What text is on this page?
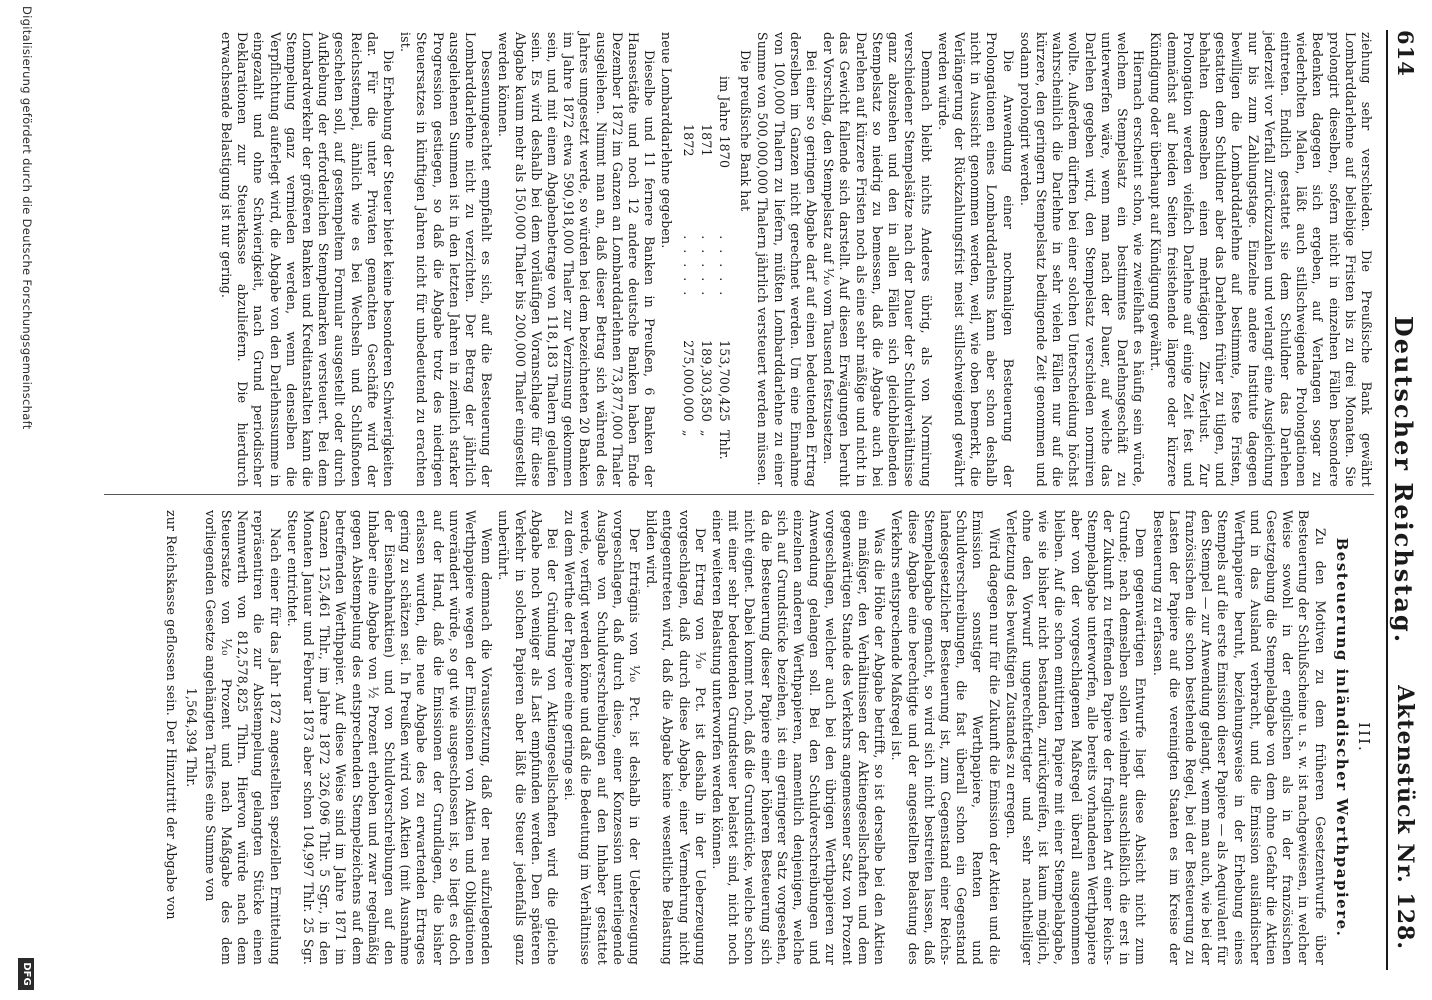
614
Deutscher Reichstag.
Aktenstück Nr. 128.

ziehung sehr verschieden. Die Preußische Bank gewährt Lombarddarlehne auf beliebige Fristen bis zu drei Monaten. Sie prolongirt dieselben, sofern nicht in einzelnen Fällen besondere Bedenken dagegen sich ergeben, auf Verlangen sogar zu wiederholten Malen, läßt auch stillschweigende Prolongationen eintreten. Endlich gestattet sie dem Schuldner das Darlehen jederzeit vor Verfall zurückzuzahlen und verlangt eine Ausgleichung nur bis zum Zahlungstage. Einzelne andere Institute dagegen bewilligen die Lombarddarlehne auf bestimmte, feste Fristen, gestatten dem Schuldner aber das Darlehen früher zu tilgen, und behalten demselben einen mehrtägigen Zins-Verlust. Zur Prolongation werden vielfach Darlehne auf einige Zeit fest und demnächst auf beiden Seiten freistehende längere oder kürzere Kündigung oder überhaupt auf Kündigung gewährt.

Hiernach erscheint schon, wie zweifelhaft es häufig sein würde, welchem Stempelsatz ein bestimmtes Darlehnsgeschäft zu unterwerfen wäre, wenn man nach der Dauer, auf welche das Darlehen gegeben wird, den Stempelsatz verschieden normiren wollte. Außerdem dürften bei einer solchen Unterscheidung höchst wahrscheinlich die Darlehne in sehr vielen Fällen nur auf die kürzere, den geringern Stempelsatz bedingende Zeit genommen und sodann prolongirt werden.

Die Anwendung einer nochmaligen Besteuerung der Prolongationen eines Lombarddarlehns kann aber schon deshalb nicht in Aussicht genommen werden, weil, wie oben bemerkt, die Verlängerung der Rückzahlungsfrist meist stillschweigend gewährt werden würde.

Demnach bleibt nichts Anderes übrig, als von Normirung verschiedener Stempelsätze nach der Dauer der Schuldverhältnisse ganz abzusehen und den in allen Fällen sich gleichbleibenden Stempelsatz so niedrig zu bemessen, daß die Abgabe auch bei Darlehen auf kürzere Fristen noch als eine sehr mäßige und nicht in das Gewicht fallende sich darstellt. Auf diesen Erwägungen beruht der Vorschlag, den Stempelsatz auf ⅒ vom Tausend festzusetzen.

Bei einer so geringen Abgabe darf auf einen bedeutenden Ertrag derselben im Ganzen nicht gerechnet werden. Um eine Einnahme von 100,000 Thalern zu liefern, müßten Lombarddarlehne zu einer Summe von 500,000,000 Thalern jährlich versteuert werden müssen.

Die preußische Bank hat

im Jahre 1870	. . . . .	153,700,425	Thlr.
1871	. . . . .	189,303,850	„
1872	. . . . .	275,000,000	„

neue Lombarddarlehne gegeben.

Dieselbe und 11 fernere Banken in Preußen, 6 Banken der Hansestädte und noch 12 andere deutsche Banken haben Ende Dezember 1872 im Ganzen an Lombarddarlehnen 73,877,000 Thaler ausgeliehen. Nimmt man an, daß dieser Betrag sich während des Jahres umgesetzt werde, so würden bei dem bezeichneten 20 Banken im Jahre 1872 etwa 590,918,000 Thaler zur Verzinsung gekommen sein, und mit einem Abgabenbetrage von 118,183 Thalern gelaufen sein. Es wird deshalb bei dem vorläufigen Voranschlage für diese Abgabe kaum mehr als 150,000 Thaler bis 200,000 Thaler eingestellt werden können.

Dessenungeachtet empfiehlt es sich, auf die Besteuerung der Lombarddarlehne nicht zu verzichten. Der Betrag der jährlich ausgeliehenen Summen ist in den letzten Jahren in ziemlich starker Progression gestiegen, so daß die Abgabe trotz des niedrigen Steuersatzes in künftigen Jahren nicht für unbedeutend zu erachten ist.

Die Erhebung der Steuer bietet keine besonderen Schwierigkeiten dar. Für die unter Privaten gemachten Geschäfte wird der Reichsstempel, ähnlich wie es bei Wechseln und Schlußnoten geschehen soll, auf gestempeltem Formular ausgestellt oder durch Aufklebung der erforderlichen Stempelmarken versteuert. Bei dem Lombardverkehr der größeren Banken und Kreditanstalten kann die Stempelung ganz vermieden werden, wenn denselben die Verpflichtung auferlegt wird, die Abgabe von den Darlehnssumme in eingezahlt und ohne Schwierigkeit, nach Grund periodischer Deklarationen zur Steuerkasse abzuliefern. Die hierdurch erwachsende Belastigung ist nur gering.

III.
Besteuerung inländischer Werthpapiere.

Zu den Motiven zu dem früheren Gesetzentwurfe über Besteuerung der Schlußscheine u. s. w. ist nachgewiesen, in welcher Weise sowohl in der englischen als in der französischen Gesetzgebung die Stempelabgabe von dem ohne Gefahr die Aktien und in das Ausland verbracht, und die Emission ausländischer Werthpapiere beruht, beziehungsweise in der Erhebung eines Stempels auf die erste Emission dieser Papiere — als Aequivalent für den Stempel — zur Anwendung gelangt, wenn man auch, wie bei der französischen die schon bestehende Regel, bei der Besteuerung zu Lasten der Papiere auf die vereinigten Staaten es im Kreise der Besteuerung zu erfassen.

Dem gegenwärtigen Entwurfe liegt diese Absicht nicht zum Grunde; nach demselben sollen vielmehr ausschließlich die erst in der Zukunft zu treffenden Papiere der fraglichen Art einer Reichs-Stempelabgabe unterworfen, alle bereits vorhandenen Werthpapiere aber von der vorgeschlagenen Maßregel überall ausgenommen bleiben. Auf die schon emittirten Papiere mit einer Stempelabgabe, wie sie bisher nicht bestanden, zurückgreifen, ist kaum möglich, ohne den Vorwurf ungerechtfertigter und sehr nachtheiliger Verletzung des bewußtigen Zustandes zu erregen.

Wird dagegen nur für die Zukunft die Emission der Aktien und die Emission sonstiger Werthpapiere, Renten und Schuldverschreibungen, die fast überall schon ein Gegenstand landesgesetzlicher Besteuerung ist, zum Gegenstand einer Reichs-Stempelabgabe gemacht, so wird sich nicht bestreiten lassen, daß diese Abgabe eine berechtigte und der angestellten Belastung des Verkehrs entsprechende Maßregel ist.

Was die Höhe der Abgabe betrifft, so ist derselbe bei den Aktien ein mäßiger, den Verhältnissen der Aktiengesellschaften und dem gegenwärtigen Stande des Verkehrs angemessener Satz von Prozent vorgeschlagen, welcher auch bei den übrigen Werthpapieren zur Anwendung gelangen soll. Bei den Schuldverschreibungen und einzelnen anderen Werthpapieren, namentlich denjenigen, welche sich auf Grundstücke beziehen, ist ein geringerer Satz vorgesehen, da die Besteuerung dieser Papiere einer höheren Besteuerung sich nicht eignet. Dabei kommt noch, daß die Grundstücke, welche schon mit einer sehr bedeutenden Grundsteuer belastet sind, nicht noch einer weiteren Belastung unterworfen werden können.

Der Ertrag von ⅒ Pct. ist deshalb in der Ueberzeugung vorgeschlagen, daß durch diese Abgabe, einer Vermehrung nicht entgegentreten wird, daß die Abgabe keine wesentliche Belastung bilden wird.

Der Erträgnis von ⅒ Pct. ist deshalb in der Ueberzeugung vorgeschlagen, daß durch diese, einer Konzession unterliegende Ausgabe von Schuldverschreibungen auf den Inhaber gestattet werde, verfügt werden könne und daß die Bedeutung im Verhältnisse zu dem Werthe der Papiere eine geringe sei.

Bei der Gründung von Aktiengesellschaften wird die gleiche Abgabe noch weniger als Last empfunden werden. Den späteren Verkehr in solchen Papieren aber läßt die Steuer jedenfalls ganz unberührt.

Wenn demnach die Voraussetzung, daß der neu aufzulegenden Werthpapiere wegen der Emissionen von Aktien und Obligationen unverändert würde, so gut wie ausgeschlossen ist, so liegt es doch auf der Hand, daß die Emissionen der Grundlagen, die bisher erlassen wurden, die neue Abgabe des zu erwartenden Ertrages gering zu schätzen sei. In Preußen wird von Aktien (mit Ausnahme der Eisenbahnaktien) und von Schuldverschreibungen auf den Inhaber eine Abgabe von ½ Prozent erhoben und zwar regelmäßig gegen Abstempelung des entsprechenden Stempelzeichens auf dem betreffenden Werthpapier. Auf diese Weise sind im Jahre 1871 im Ganzen 125,461 Thlr., im Jahre 1872 326,096 Thlr. 5 Sgr., in den Monaten Januar und Februar 1873 aber schon 104,997 Thlr. 25 Sgr. Steuer entrichtet.

Nach einer für das Jahr 1872 angestellten speziellen Ermittelung repräsentiren die zur Abstempelung gelangten Stücke einen Nennwerth von 812,578,825 Thlrn. Hiervon würde nach dem Steuersatze von ⅒ Prozent und nach Maßgabe des dem vorliegenden Gesetze angehängten Tarifes eine Summe von

1,564,394 Thlr.

zur Reichskasse geflossen sein. Der Hinzutritt der Abgabe von

Digitalisierung gefördert durch die Deutsche Forschungsgemeinschaft
DFG
